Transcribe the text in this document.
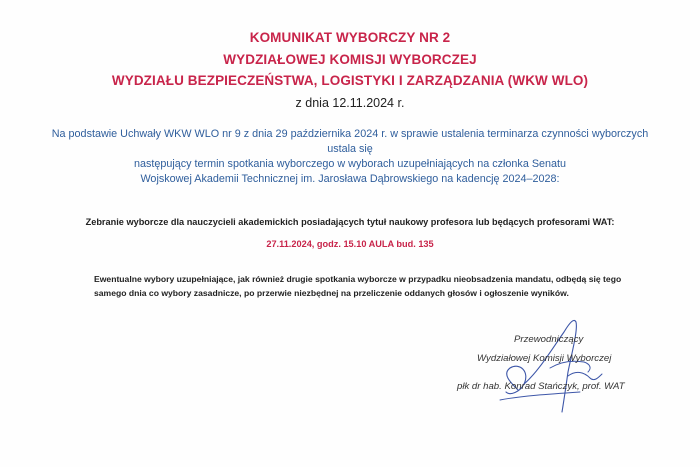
KOMUNIKAT WYBORCZY NR 2
WYDZIAŁOWEJ KOMISJI WYBORCZEJ
WYDZIAŁU BEZPIECZEŃSTWA, LOGISTYKI I ZARZĄDZANIA (WKW WLO)
z dnia 12.11.2024 r.
Na podstawie Uchwały WKW WLO nr 9 z dnia 29 października 2024 r. w sprawie ustalenia terminarza czynności wyborczych
ustala się
następujący termin spotkania wyborczego w wyborach uzupełniających na członka Senatu
Wojskowej Akademii Technicznej im. Jarosława Dąbrowskiego na kadencję 2024–2028:
Zebranie wyborcze dla nauczycieli akademickich posiadających tytuł naukowy profesora lub będących profesorami WAT:
27.11.2024, godz. 15.10 AULA bud. 135
Ewentualne wybory uzupełniające, jak również drugie spotkania wyborcze w przypadku nieobsadzenia mandatu, odbędą się tego samego dnia co wybory zasadnicze, po przerwie niezbędnej na przeliczenie oddanych głosów i ogłoszenie wyników.
Przewodniczący
Wydziałowej Komisji Wyborczej
płk dr hab. Konrad Stańczyk, prof. WAT
